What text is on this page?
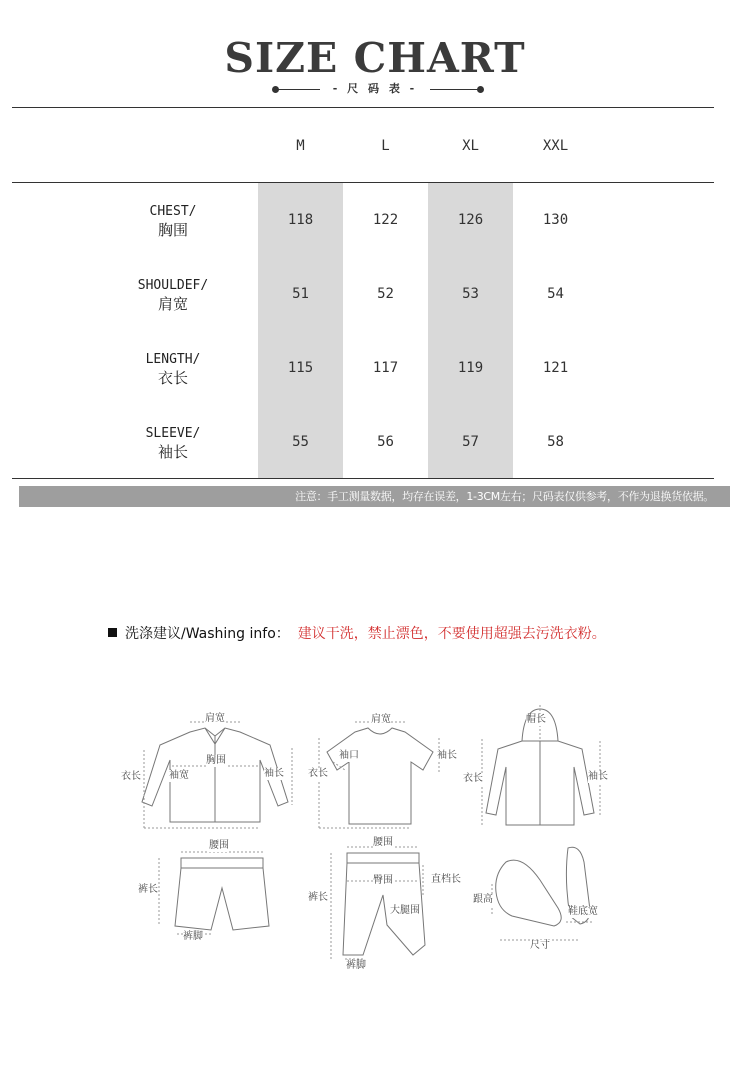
SIZE CHART
- 尺 码 表 -
M	L	XL	XXL
CHEST/
胸围
118	122	126	130
SHOULDEF/
肩宽
51	52	53	54
LENGTH/
衣长
115	117	119	121
SLEEVE/
袖长
55	56	57	58
注意：手工测量数据，均存在误差，1-3CM左右；尺码表仅供参考，不作为退换货依据。
洗涤建议/Washing info： 建议干洗，禁止漂色，不要使用超强去污洗衣粉。
肩宽
胸围
袖宽
衣长	袖长
肩宽
袖口
衣长
袖长
帽长
衣长	袖长
腰围
裤长
裤脚
腰围
臀围	直档长
裤长
大腿围
裤脚
跟高
鞋底宽
尺寸
